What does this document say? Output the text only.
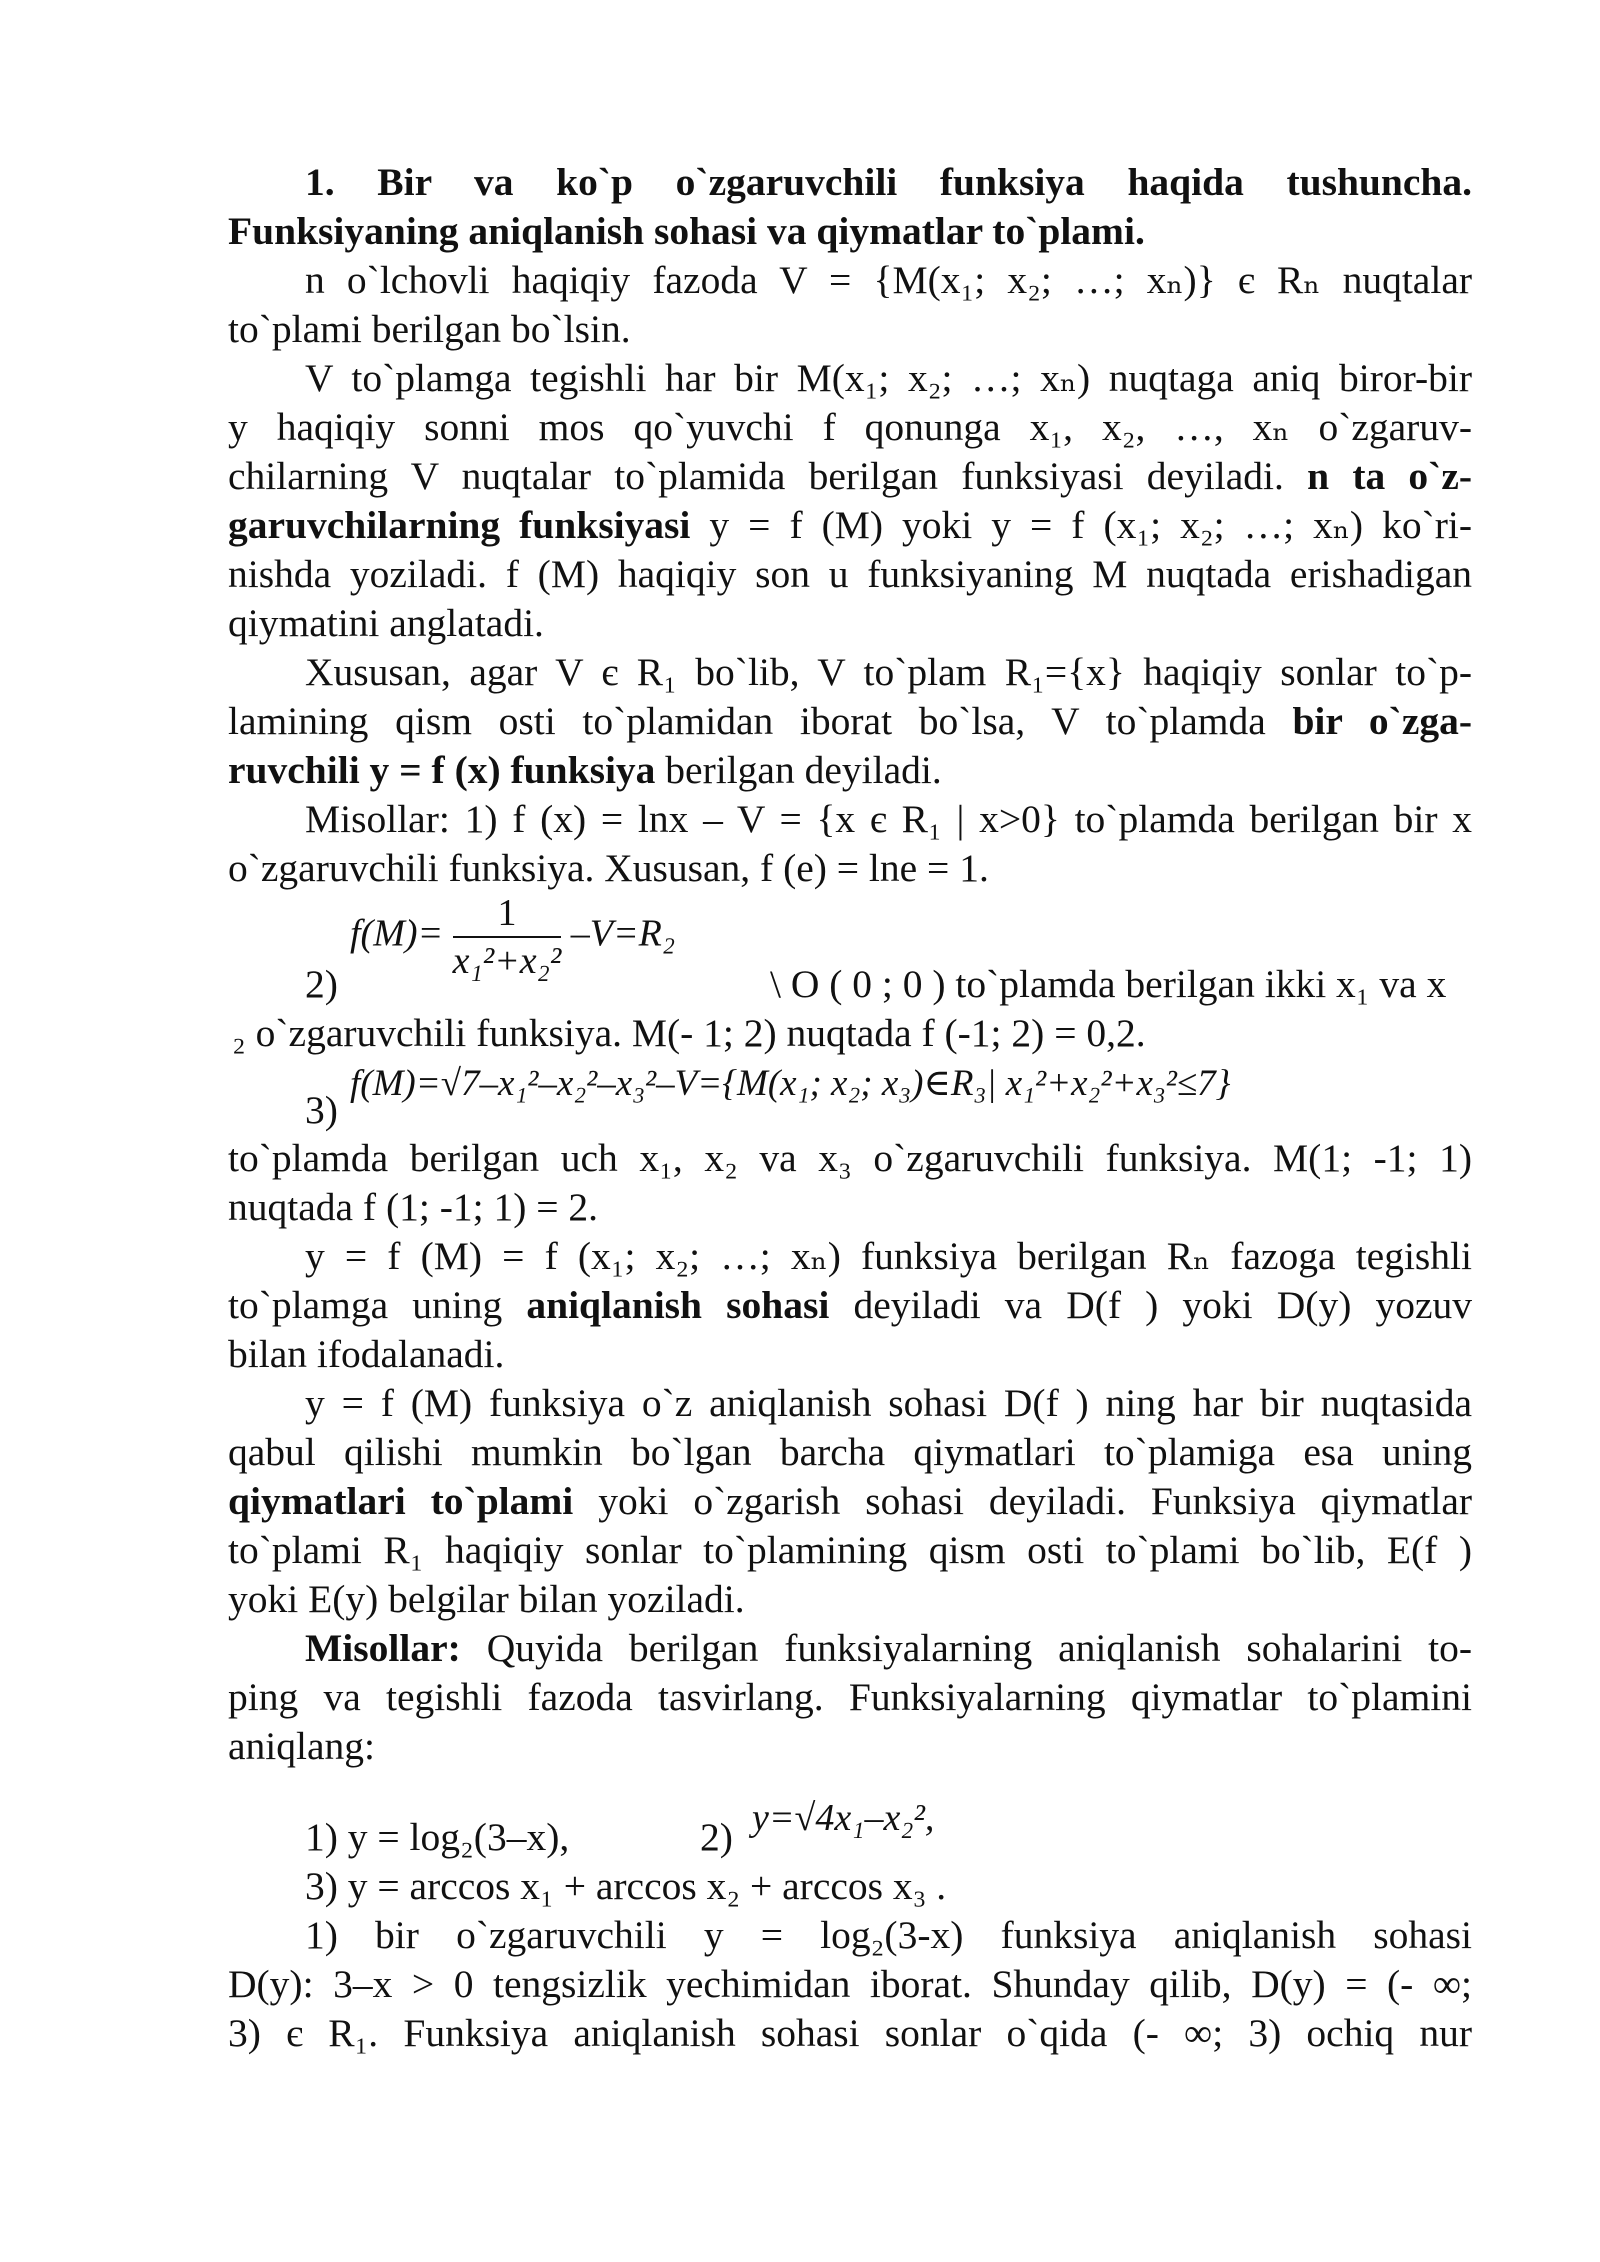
1. Bir va ko`p o`zgaruvchili funksiya haqida tushuncha.
Funksiyaning aniqlanish sohasi va qiymatlar to`plami.
n o`lchovli haqiqiy fazoda V = {M(x₁; x₂; …; xₙ)} є Rₙ nuqtalar
to`plami berilgan bo`lsin.
V to`plamga tegishli har bir M(x₁; x₂; …; xₙ) nuqtaga aniq biror-bir
y haqiqiy sonni mos qo`yuvchi f qonunga x₁, x₂, …, xₙ o`zgaruv-
chilarning V nuqtalar to`plamida berilgan funksiyasi deyiladi. n ta o`z-
garuvchilarning funksiyasi y = f (M) yoki y = f (x₁; x₂; …; xₙ) ko`ri-
nishda yoziladi. f (M) haqiqiy son u funksiyaning M nuqtada erishadigan
qiymatini anglatadi.
Xususan, agar V є R₁ bo`lib, V to`plam R₁={x} haqiqiy sonlar to`p-
lamining qism osti to`plamidan iborat bo`lsa, V to`plamda bir o`zga-
ruvchili y = f (x) funksiya berilgan deyiladi.
Misollar: 1) f (x) = lnx – V = {x є R₁ | x>0} to`plamda berilgan bir x
o`zgaruvchili funksiya. Xususan, f (e) = lne = 1.
$f(M)= \frac{1}{\text{x₁²+x₂²}} -V=R_2$
2)	\ O ( 0 ; 0 ) to`plamda berilgan ikki x₁ va x
₂ o`zgaruvchili funksiya. M(- 1; 2) nuqtada f (-1; 2) = 0,2.
3)
f(M)=√7–x₁²–x₂²–x₃²–V={M(x₁; x₂; x₃)∈R₃| x₁²+x₂²+x₃²≤7}
to`plamda berilgan uch x₁, x₂ va x₃ o`zgaruvchili funksiya. M(1; -1; 1)
nuqtada f (1; -1; 1) = 2.
y = f (M) = f (x₁; x₂; …; xₙ) funksiya berilgan Rₙ fazoga tegishli
to`plamga uning aniqlanish sohasi deyiladi va D(f ) yoki D(y) yozuv
bilan ifodalanadi.
y = f (M) funksiya o`z aniqlanish sohasi D(f ) ning har bir nuqtasida
qabul qilishi mumkin bo`lgan barcha qiymatlari to`plamiga esa uning
qiymatlari to`plami yoki o`zgarish sohasi deyiladi. Funksiya qiymatlar
to`plami R₁ haqiqiy sonlar to`plamining qism osti to`plami bo`lib, E(f )
yoki E(y) belgilar bilan yoziladi.
Misollar: Quyida berilgan funksiyalarning aniqlanish sohalarini to-
ping va tegishli fazoda tasvirlang. Funksiyalarning qiymatlar to`plamini
aniqlang:
1) y = log₂(3–x),	2) y=√4x₁–x₂²,
3) y = arccos x₁ + arccos x₂ + arccos x₃ .
1) bir o`zgaruvchili y = log₂(3-x) funksiya aniqlanish sohasi
D(y): 3–x > 0 tengsizlik yechimidan iborat. Shunday qilib, D(y) = (- ∞;
3) є R₁. Funksiya aniqlanish sohasi sonlar o`qida (- ∞; 3) ochiq nur
